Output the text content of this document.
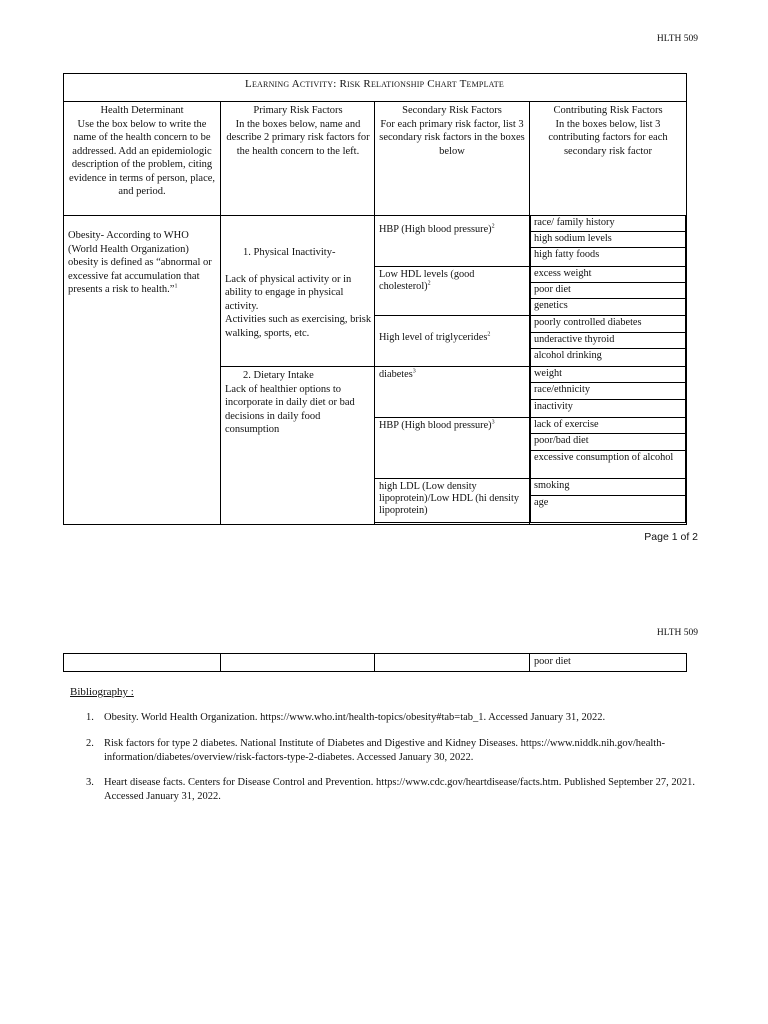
HLTH 509
Learning Activity: Risk Relationship Chart Template
Health Determinant
Use the box below to write the name of the health concern to be addressed. Add an epidemiologic description of the problem, citing evidence in terms of person, place, and period.
Primary Risk Factors
In the boxes below, name and describe 2 primary risk factors for the health concern to the left.
Secondary Risk Factors
For each primary risk factor, list 3 secondary risk factors in the boxes below
Contributing Risk Factors
In the boxes below, list 3 contributing factors for each secondary risk factor
Obesity- According to WHO (World Health Organization) obesity is defined as “abnormal or excessive fat accumulation that presents a risk to health.”$^1$

1. Physical Inactivity-

Lack of physical activity or in ability to engage in physical activity.
Activities such as exercising, brisk walking, sports, etc.

2. Dietary Intake
Lack of healthier options to incorporate in daily diet or bad decisions in daily food consumption
HBP (High blood pressure)$^2$
Low HDL levels (good cholesterol)$^2$
High level of triglycerides$^2$
diabetes$^3$
HBP (High blood pressure)$^3$
high LDL (Low density lipoprotein)/Low HDL (hi density lipoprotein)
race/ family history
high sodium levels
high fatty foods
excess weight
poor diet
genetics
poorly controlled diabetes
underactive thyroid
alcohol drinking
weight
race/ethnicity
inactivity
lack of exercise
poor/bad diet
excessive consumption of alcohol
smoking
age
Page 1 of 2
HLTH 509
poor diet
Bibliography :
1. Obesity. World Health Organization. https://www.who.int/health-topics/obesity#tab=tab_1. Accessed January 31, 2022.
2. Risk factors for type 2 diabetes. National Institute of Diabetes and Digestive and Kidney Diseases. https://www.niddk.nih.gov/health-information/diabetes/overview/risk-factors-type-2-diabetes. Accessed January 30, 2022.
3. Heart disease facts. Centers for Disease Control and Prevention. https://www.cdc.gov/heartdisease/facts.htm. Published September 27, 2021. Accessed January 31, 2022.
